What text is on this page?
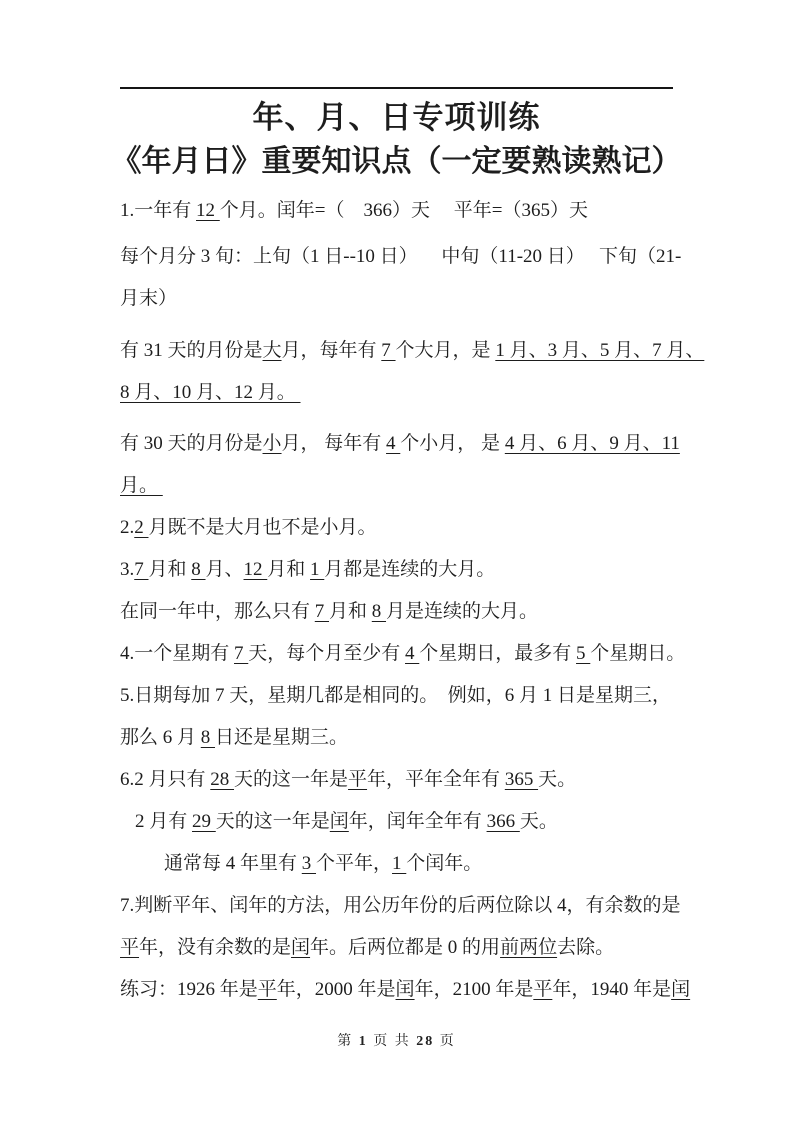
年、月、日专项训练
《年月日》重要知识点（一定要熟读熟记）
1.一年有 12 个月。闰年=（    366）天     平年=（365）天
每个月分 3 旬：上旬（1 日--10 日）     中旬（11-20 日）   下旬（21-
月末）
有 31 天的月份是大月，每年有 7 个大月，是 1 月、3 月、5 月、7 月、
8 月、10 月、12 月。
有 30 天的月份是小月， 每年有 4 个小月， 是 4 月、6 月、9 月、11
月。
2.2 月既不是大月也不是小月。
3.7 月和 8 月、12 月和 1 月都是连续的大月。
在同一年中，那么只有 7 月和 8 月是连续的大月。
4.一个星期有 7 天，每个月至少有 4 个星期日，最多有 5 个星期日。
5.日期每加 7 天，星期几都是相同的。  例如，6 月 1 日是星期三，
那么 6 月 8 日还是星期三。
6.2 月只有 28 天的这一年是平年，平年全年有 365 天。
2 月有 29 天的这一年是闰年，闰年全年有 366 天。
通常每 4 年里有 3 个平年，1 个闰年。
7.判断平年、闰年的方法，用公历年份的后两位除以 4，有余数的是
平年，没有余数的是闰年。后两位都是 0 的用前两位去除。
练习：1926 年是平年，2000 年是闰年，2100 年是平年，1940 年是闰
第 1 页 共 28 页
